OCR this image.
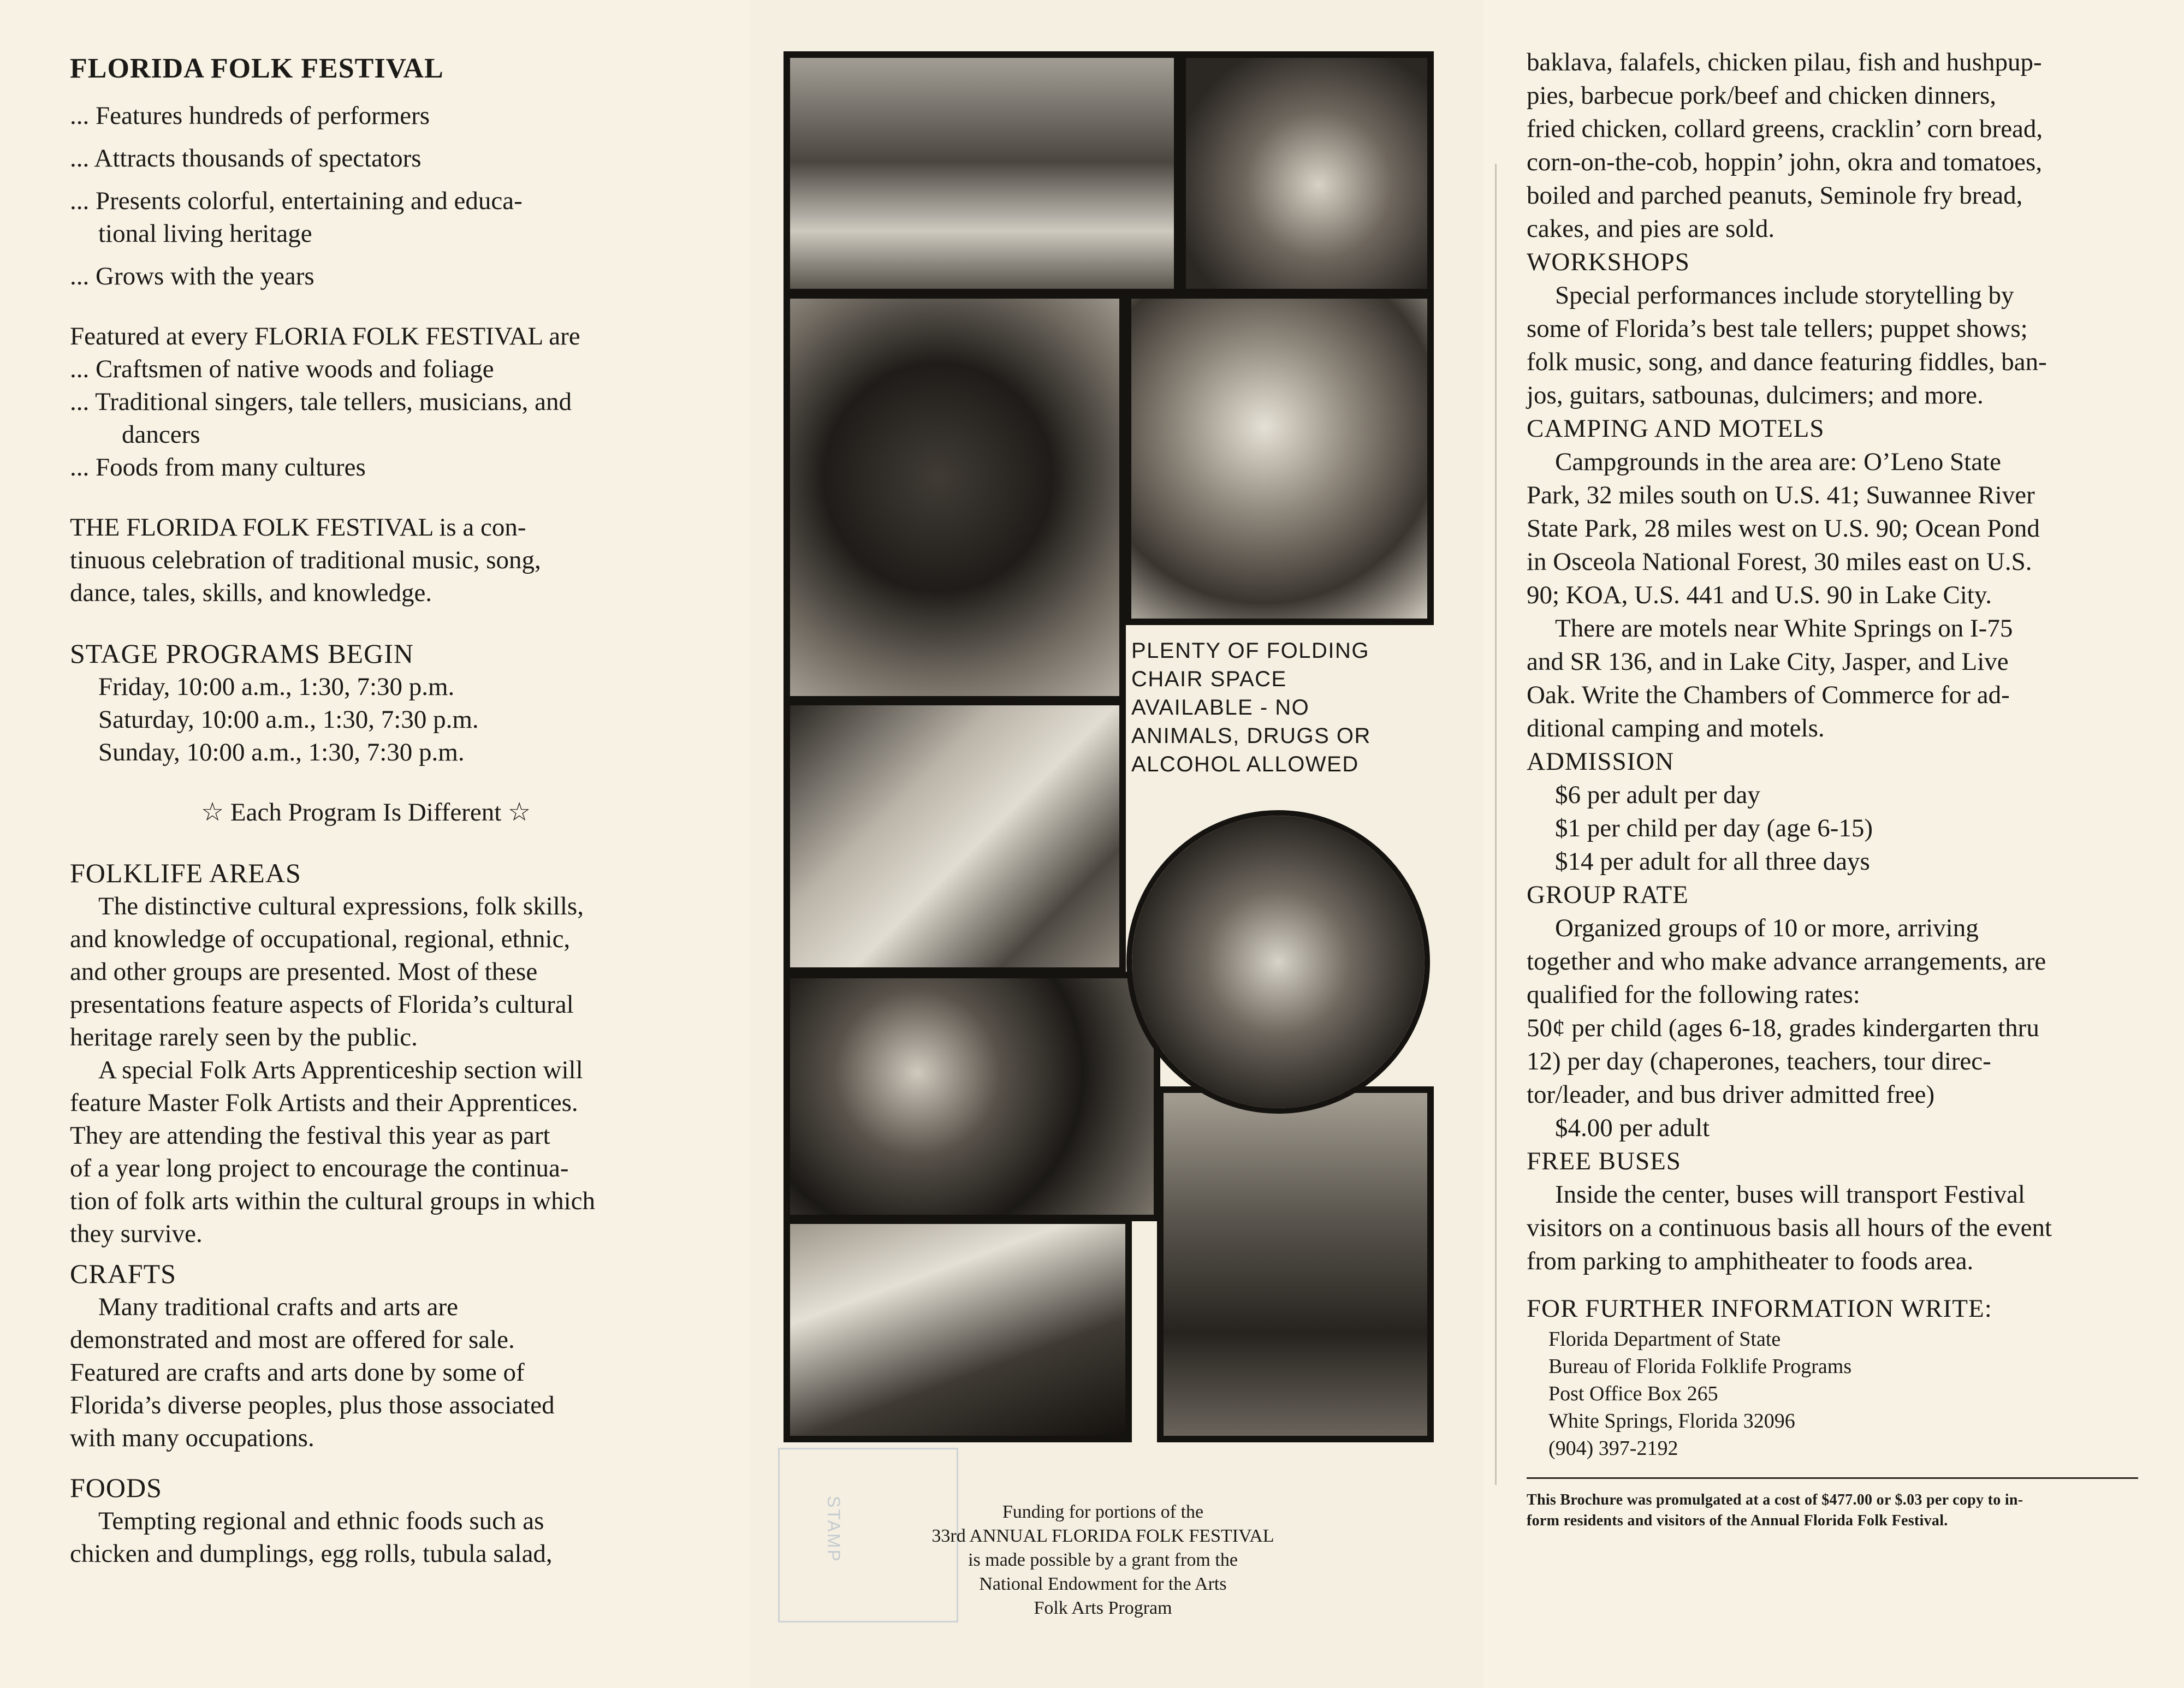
FLORIDA FOLK FESTIVAL

... Features hundreds of performers

... Attracts thousands of spectators

... Presents colorful, entertaining and educa-

tional living heritage

... Grows with the years

Featured at every FLORIA FOLK FESTIVAL are

... Craftsmen of native woods and foliage

... Traditional singers, tale tellers, musicians, and

dancers

... Foods from many cultures

THE FLORIDA FOLK FESTIVAL is a con-

tinuous celebration of traditional music, song,

dance, tales, skills, and knowledge.

STAGE PROGRAMS BEGIN

Friday, 10:00 a.m., 1:30, 7:30 p.m.

Saturday, 10:00 a.m., 1:30, 7:30 p.m.

Sunday, 10:00 a.m., 1:30, 7:30 p.m.

☆ Each Program Is Different ☆

FOLKLIFE AREAS

The distinctive cultural expressions, folk skills,

and knowledge of occupational, regional, ethnic,

and other groups are presented. Most of these

presentations feature aspects of Florida’s cultural

heritage rarely seen by the public.

A special Folk Arts Apprenticeship section will

feature Master Folk Artists and their Apprentices.

They are attending the festival this year as part

of a year long project to encourage the continua-

tion of folk arts within the cultural groups in which

they survive.

CRAFTS

Many traditional crafts and arts are

demonstrated and most are offered for sale.

Featured are crafts and arts done by some of

Florida’s diverse peoples, plus those associated

with many occupations.

FOODS

Tempting regional and ethnic foods such as

chicken and dumplings, egg rolls, tubula salad,

PLENTY OF FOLDING

CHAIR SPACE

AVAILABLE - NO

ANIMALS, DRUGS OR

ALCOHOL ALLOWED

STAMP	Funding for portions of the

33rd ANNUAL FLORIDA FOLK FESTIVAL

is made possible by a grant from the

National Endowment for the Arts

Folk Arts Program

baklava, falafels, chicken pilau, fish and hushpup-

pies, barbecue pork/beef and chicken dinners,

fried chicken, collard greens, cracklin’ corn bread,

corn-on-the-cob, hoppin’ john, okra and tomatoes,

boiled and parched peanuts, Seminole fry bread,

cakes, and pies are sold.

WORKSHOPS

Special performances include storytelling by

some of Florida’s best tale tellers; puppet shows;

folk music, song, and dance featuring fiddles, ban-

jos, guitars, satbounas, dulcimers; and more.

CAMPING AND MOTELS

Campgrounds in the area are: O’Leno State

Park, 32 miles south on U.S. 41; Suwannee River

State Park, 28 miles west on U.S. 90; Ocean Pond

in Osceola National Forest, 30 miles east on U.S.

90; KOA, U.S. 441 and U.S. 90 in Lake City.

There are motels near White Springs on I-75

and SR 136, and in Lake City, Jasper, and Live

Oak. Write the Chambers of Commerce for ad-

ditional camping and motels.

ADMISSION

$6 per adult per day

$1 per child per day (age 6-15)

$14 per adult for all three days

GROUP RATE

Organized groups of 10 or more, arriving

together and who make advance arrangements, are

qualified for the following rates:

50¢ per child (ages 6-18, grades kindergarten thru

12) per day (chaperones, teachers, tour direc-

tor/leader, and bus driver admitted free)

$4.00 per adult

FREE BUSES

Inside the center, buses will transport Festival

visitors on a continuous basis all hours of the event

from parking to amphitheater to foods area.

FOR FURTHER INFORMATION WRITE:

Florida Department of State

Bureau of Florida Folklife Programs

Post Office Box 265

White Springs, Florida 32096

(904) 397-2192

This Brochure was promulgated at a cost of $477.00 or $.03 per copy to in-

form residents and visitors of the Annual Florida Folk Festival.
